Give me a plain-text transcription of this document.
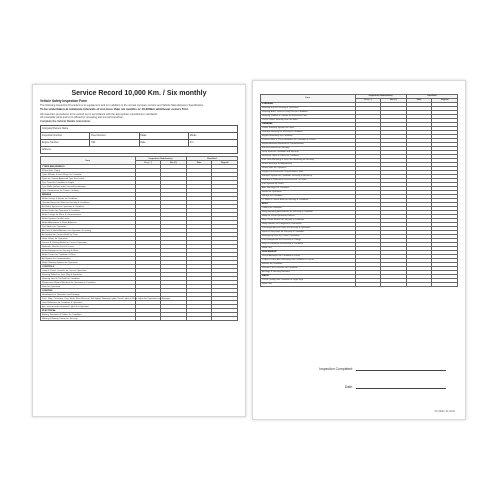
Service Record 10,000 Km. / Six monthly
Vehicle Safety Inspection Form

The following Inspection Procedure is to supplement and is in addition to the normal company service and Vehicle Manufacturers Specification.

To be undertaken at minimum intervals of not more than six months or 10,000km whichever occurs first.

All inspection procedures to be carried out in accordance with the appropriate manufacturer standards.

All unsuitable parts and to be affixed for operating test annual inspection.

Complete the Vehicle Details Area below:

Company/Owners Name
Inspection Number	Fleet Number	Make	Model
Engine Number	VIN	Date	Km
Address
Item	Inspection Satisfactory		Rectified	
	Yes (✓)	No (✗)	Date	Signed
TYRES AND WHEELS				
Wheel Nuts (Tight)				
Tyres Wheels & Lock Rings for Condition				
Tyres for Correct Approved Tyre Size Loads				
Tyre Tread for Condition & Depth				
Tyre Walls (without tube) Internal for damage				
Tyre Construction for Correct Loading				
BRAKES				
Brake Linings & Shoes for Condition				
Vacuum Hoses for Wear for Security & Condition				
Air Brake System for Operation & Condition				
Brake Valves for Operation & Condition				
Brake Linings for Wear & Contamination				
Brake Systems for Air Leaks				
Brake Adjustment & Slack Adjusters				
Park Brake for Operation				
Air Tank & Slack Adjusters for Operation & Locking				
Air System for Correct Build Up Time				
Drain Valves for Operation				
Service & Parking Brake for Correct Operation				
Hydraulic Fluid for Level & Leaks				
Brake Equipment for Security & Wear				
Brake Drums for Condition & Wear				
Air System for Contamination				
Brake Warning System for Operation				
CONTROLS				
Lamp & Check Controls for Correct Operation				
Steering Wheel for Free Play & Hardness				
Steering Joint & Tie Rods for Condition				
Windscreen Wipers/Washers for Operation & Condition				
Horn for Operation				
LIGHTING				
Headlamps for Operation and Damage				
Park, Stop, Clearance, Fog, Work, Rear Reverse, Tail Signal, Warning Lights, Panel Lights & Plate Lights for Operation and Damage				
Lens Reflectors for Condition & Operation				
Aux. Interior and Instrument Lights for Operation				
ELECTRICAL				
Battery Terminals & Cables for Condition				
Battery & Battery Carrier for Security				
Item	Inspection Satisfactory		Rectified	
	Yes (✓)	No (✗)	Date	Signed
STEERING				
Steering Box for Security & Operation				
Steering Arms, Joints & King Pins for Condition				
Steering Wheels & Column for Excessive Play				
Check Power Steering and Fan Belts				
GENERAL				
Power Steering System for Leaks				
Gearbox Housing for Security & Condition				
Engine Mountings for Condition				
Chassis Rails & Cross Members for Condition & Cracks				
Engine Auxiliary Material for Contamination				
Exhaust Mounts for Security				
Drive Shaft for Condition and Security				
Universal Joints & Yokes for Condition				
Fuel Tank Mounting & Fuel Line Mounting for Security				
Wheel Bearings for Adjustment				
Wheel Nuts for Tightness				
Engine For Excessive Oil and Water Leaks				
Exhaust System for Condition, Security & Efficiency				
Gearbox & Differential for Excessive Oil Leaks				
Fuel System for Leaks				
Axle Housings for Condition				
Hoses for Operation				
Springs for Condition				
'U' Bolts & Centre Bolts for Security & Condition				
BODY				
Cabins for Condition				
Body Mounting Attachments for Security & Condition				
Body for Visual Structural Defects				
Rear Vision Mirrors for Security & Condition				
Body Interiors for Dangerous Protrusions				
Passenger Access Doors for Security & Operation				
Seats & Seat Belts for Security & Condition				
Emergency Exits for Correct Operation				
Fire Extinguisher for Pressure & Charge				
Steps & Handrails for Security & Condition				
Road Test				
SUSPENSION				
Shock Absorbers for Condition & Leaks				
Torque & Rear Axle Mountings for Condition & Cracks				
Bushes for Condition				
Shackle Pins & Bushes for Condition				
Air Bags & Security Brackets				
RADIO				
Check Quality and Condition of Legal Sign				
Road Test				
Inspection Completed:
Date:
CS 1000 / 01-10/11
